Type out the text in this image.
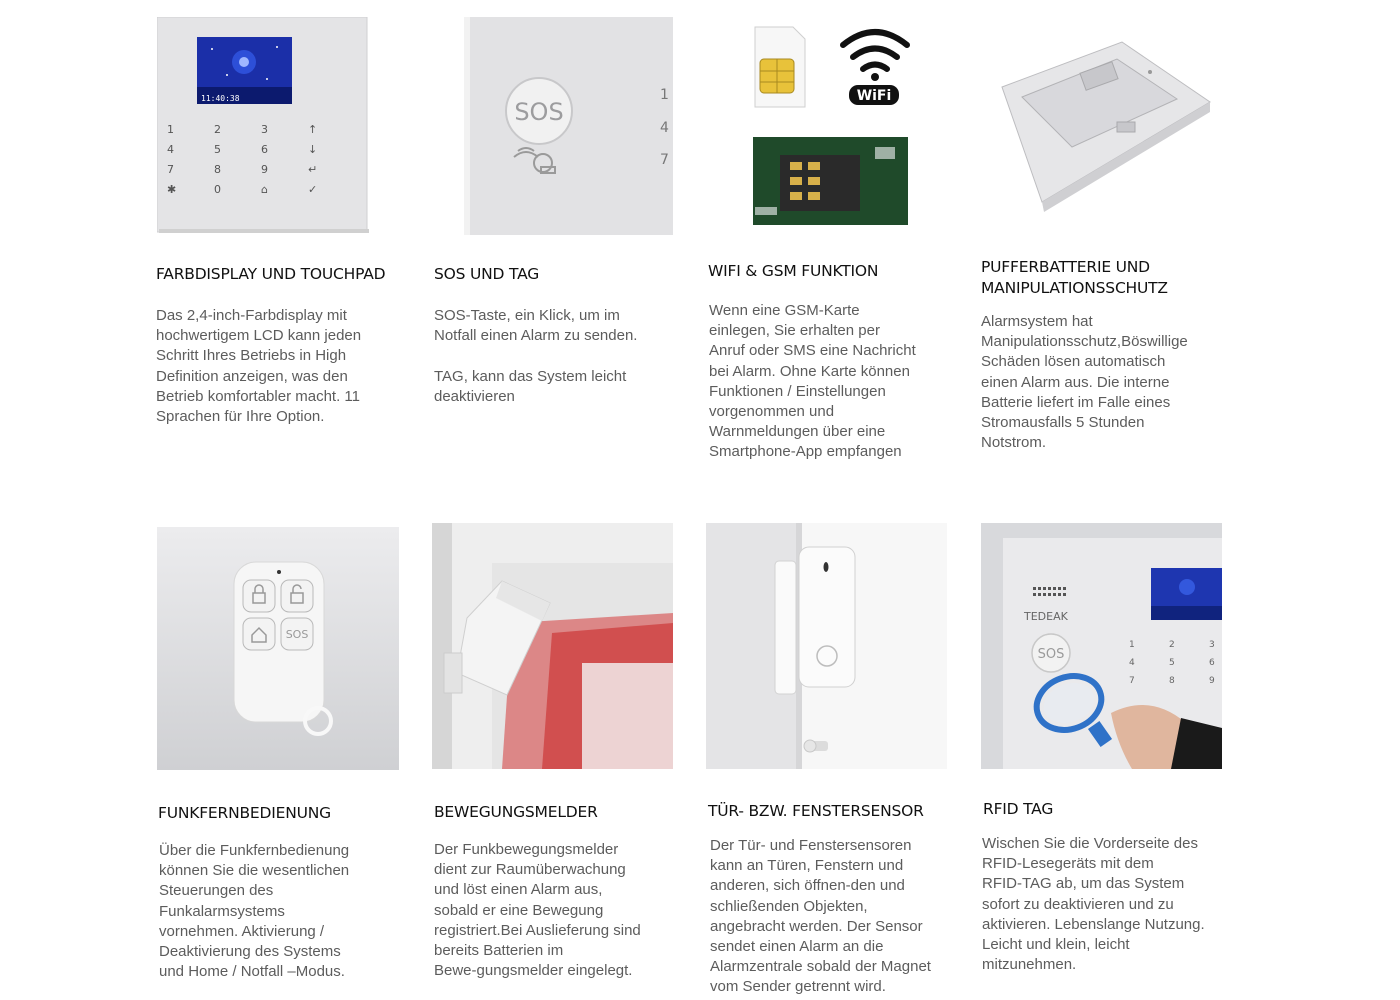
11:40:38
1	2	3	↑
4	5	6	↓
7	8	9	↵
✱	0	⌂	✓
FARBDISPLAY UND TOUCHPAD
Das 2,4-inch-Farbdisplay mit
hochwertigem LCD kann jeden
Schritt Ihres Betriebs in High
Definition anzeigen, was den
Betrieb komfortabler macht. 11
Sprachen für Ihre Option.
SOS
1
4
7
SOS UND TAG
SOS-Taste, ein Klick, um im
Notfall einen Alarm zu senden.

TAG, kann das System leicht
deaktivieren
WiFi
WIFI & GSM FUNKTION
Wenn eine GSM-Karte
einlegen, Sie erhalten per
Anruf oder SMS eine Nachricht
bei Alarm. Ohne Karte können
Funktionen / Einstellungen
vorgenommen und
Warnmeldungen über eine
Smartphone-App empfangen
PUFFERBATTERIE UND
MANIPULATIONSSCHUTZ
Alarmsystem hat
Manipulationsschutz,Böswillige
Schäden lösen automatisch
einen Alarm aus. Die interne
Batterie liefert im Falle eines
Stromausfalls 5 Stunden
Notstrom.
SOS
FUNKFERNBEDIENUNG
Über die Funkfernbedienung
können Sie die wesentlichen
Steuerungen des
Funkalarmsystems
vornehmen. Aktivierung /
Deaktivierung des Systems
und Home / Notfall –Modus.
BEWEGUNGSMELDER
Der Funkbewegungsmelder
dient zur Raumüberwachung
und löst einen Alarm aus,
sobald er eine Bewegung
registriert.Bei Auslieferung sind
bereits Batterien im
Bewe-gungsmelder eingelegt.
TÜR- BZW. FENSTERSENSOR
Der Tür- und Fenstersensoren
kann an Türen, Fenstern und
anderen, sich öffnen-den und
schließenden Objekten,
angebracht werden. Der Sensor
sendet einen Alarm an die
Alarmzentrale sobald der Magnet
vom Sender getrennt wird.
TEDEAK
SOS
1	2	3
4	5	6
7	8	9
RFID TAG
Wischen Sie die Vorderseite des
RFID-Lesegeräts mit dem
RFID-TAG ab, um das System
sofort zu deaktivieren und zu
aktivieren. Lebenslange Nutzung.
Leicht und klein, leicht
mitzunehmen.
